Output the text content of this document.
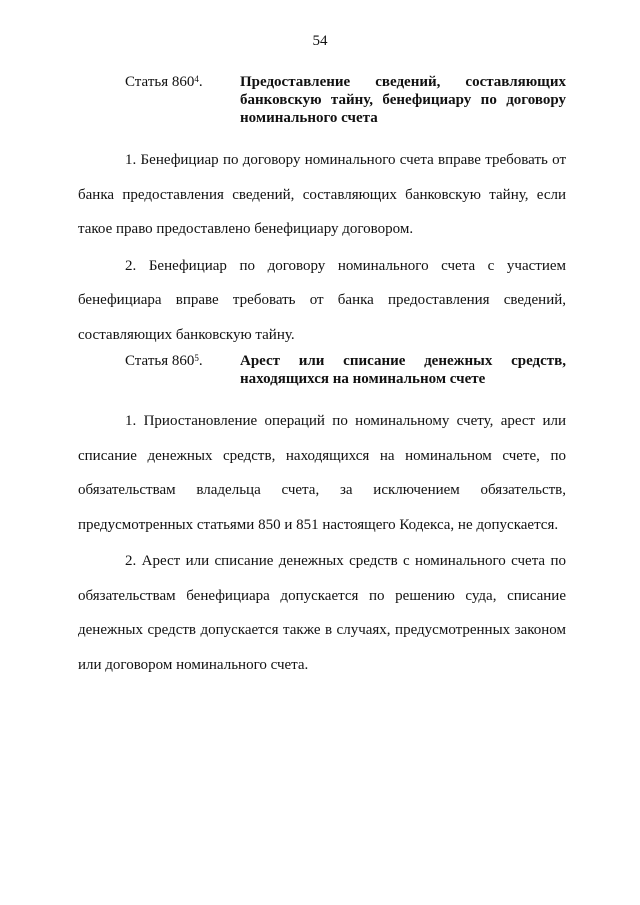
54
Статья $860^4$.	Предоставление сведений, составляющих банковскую тайну, бенефициару по договору номинального счета

1. Бенефициар по договору номинального счета вправе требовать от банка предоставления сведений, составляющих банковскую тайну, если такое право предоставлено бенефициару договором.

2. Бенефициар по договору номинального счета с участием бенефициара вправе требовать от банка предоставления сведений, составляющих банковскую тайну.

Статья $860^5$.	Арест или списание денежных средств, находящихся на номинальном счете

1. Приостановление операций по номинальному счету, арест или списание денежных средств, находящихся на номинальном счете, по обязательствам владельца счета, за исключением обязательств, предусмотренных статьями 850 и 851 настоящего Кодекса, не допускается.

2. Арест или списание денежных средств с номинального счета по обязательствам бенефициара допускается по решению суда, списание денежных средств допускается также в случаях, предусмотренных законом или договором номинального счета.
